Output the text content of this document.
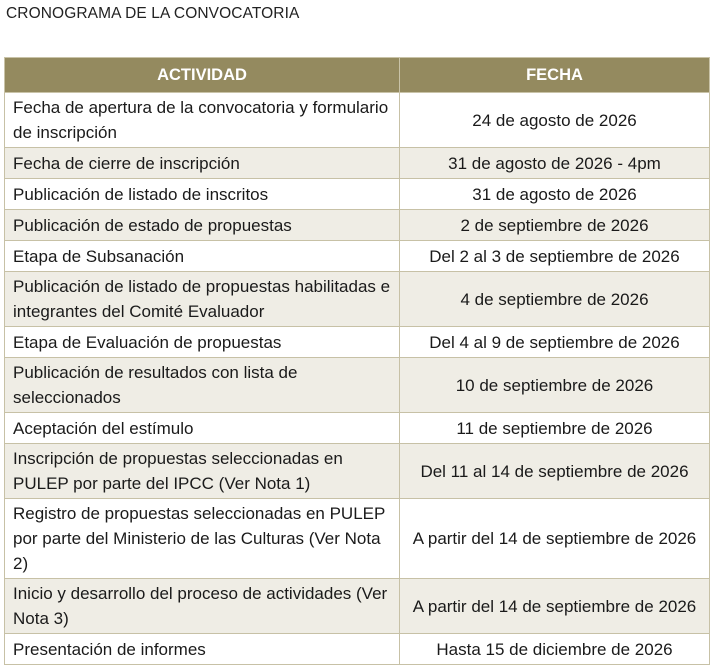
CRONOGRAMA DE LA CONVOCATORIA
ACTIVIDAD	FECHA
Fecha de apertura de la convocatoria y formulario de inscripción	24 de agosto de 2026
Fecha de cierre de inscripción	31 de agosto de 2026 - 4pm
Publicación de listado de inscritos	31 de agosto de 2026
Publicación de estado de propuestas	2 de septiembre de 2026
Etapa de Subsanación	Del 2 al 3 de septiembre de 2026
Publicación de listado de propuestas habilitadas e integrantes del Comité Evaluador	4 de septiembre de 2026
Etapa de Evaluación de propuestas	Del 4 al 9 de septiembre de 2026
Publicación de resultados con lista de seleccionados	10 de septiembre de 2026
Aceptación del estímulo	11 de septiembre de 2026
Inscripción de propuestas seleccionadas en PULEP por parte del IPCC (Ver Nota 1)	Del 11 al 14 de septiembre de 2026
Registro de propuestas seleccionadas en PULEP por parte del Ministerio de las Culturas (Ver Nota 2)	A partir del 14 de septiembre de 2026
Inicio y desarrollo del proceso de actividades (Ver Nota 3)	A partir del 14 de septiembre de 2026
Presentación de informes	Hasta 15 de diciembre de 2026
